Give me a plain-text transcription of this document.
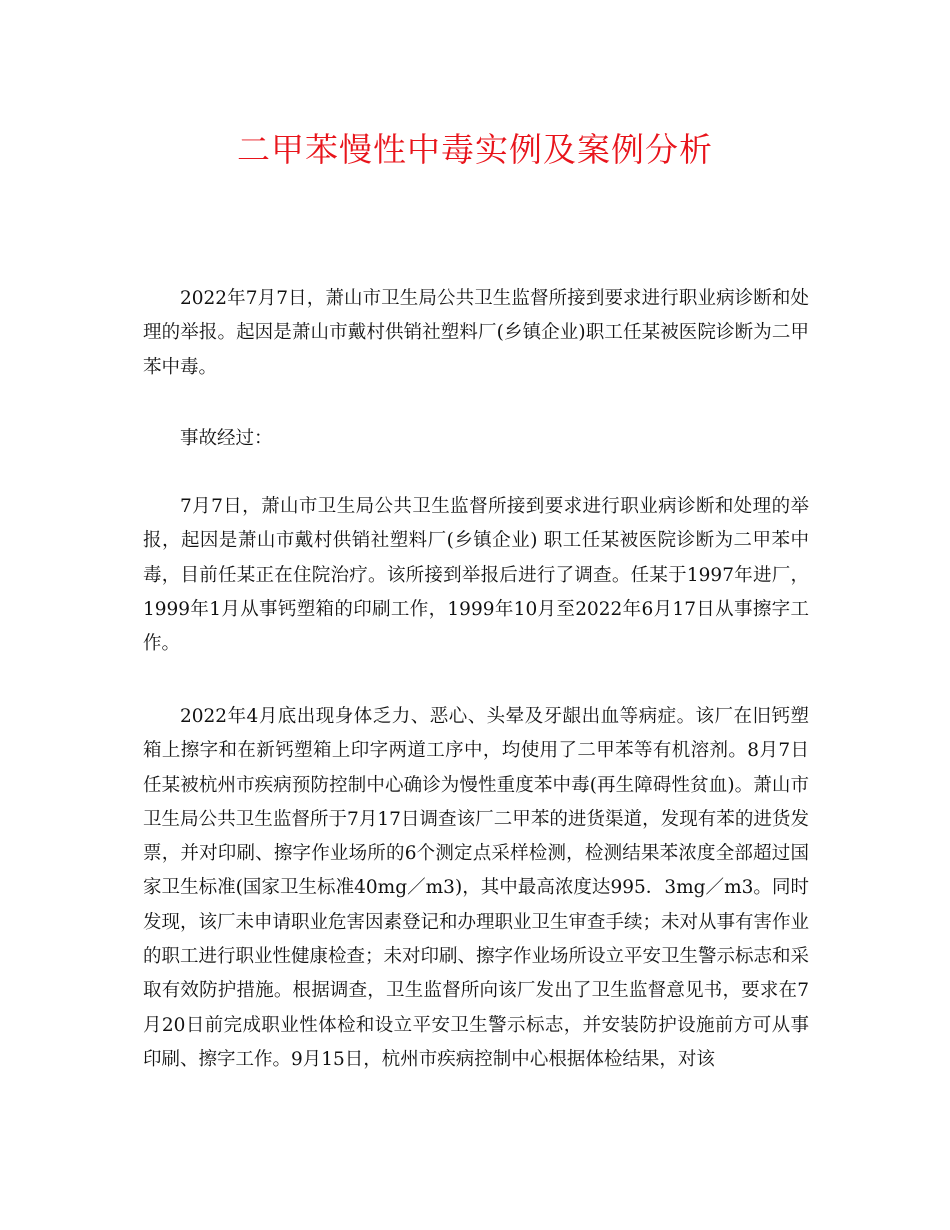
二甲苯慢性中毒实例及案例分析

2022年7月7日，萧山市卫生局公共卫生监督所接到要求进行职业病诊断和处理的举报。起因是萧山市戴村供销社塑料厂(乡镇企业)职工任某被医院诊断为二甲苯中毒。

事故经过：

7月7日，萧山市卫生局公共卫生监督所接到要求进行职业病诊断和处理的举报，起因是萧山市戴村供销社塑料厂(乡镇企业) 职工任某被医院诊断为二甲苯中毒，目前任某正在住院治疗。该所接到举报后进行了调查。任某于1997年进厂，1999年1月从事钙塑箱的印刷工作，1999年10月至2022年6月17日从事擦字工作。

2022年4月底出现身体乏力、恶心、头晕及牙龈出血等病症。该厂在旧钙塑箱上擦字和在新钙塑箱上印字两道工序中，均使用了二甲苯等有机溶剂。8月7日任某被杭州市疾病预防控制中心确诊为慢性重度苯中毒(再生障碍性贫血)。萧山市卫生局公共卫生监督所于7月17日调查该厂二甲苯的进货渠道，发现有苯的进货发票，并对印刷、擦字作业场所的6个测定点采样检测，检测结果苯浓度全部超过国家卫生标准(国家卫生标准40mg／m3)，其中最高浓度达995．3mg／m3。同时发现，该厂未申请职业危害因素登记和办理职业卫生审查手续；未对从事有害作业的职工进行职业性健康检查；未对印刷、擦字作业场所设立平安卫生警示标志和采取有效防护措施。根据调查，卫生监督所向该厂发出了卫生监督意见书，要求在7月20日前完成职业性体检和设立平安卫生警示标志，并安装防护设施前方可从事印刷、擦字工作。9月15日，杭州市疾病控制中心根据体检结果，对该
